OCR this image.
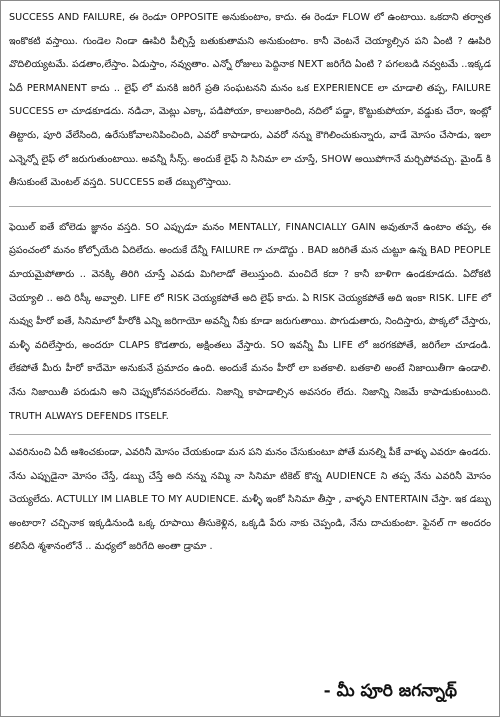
SUCCESS AND FAILURE, ఈ రెండూ OPPOSITE అనుకుంటాం, కాదు. ఈ రెండూ FLOW లో ఉంటాయి. ఒకదాని తర్వాత ఇంకొకటి వస్తాయి. గుండెల నిండా ఊపిరి పీల్చిస్తే బతుకుతామని అనుకుంటాం. కానీ వెంటనే చెయ్యాల్సిన పని ఏంటి ? ఊపిరి వొదిలియ్యటమే. పడతాం,లేస్తాం. ఏడుస్తాం, నవ్వుతాం. ఎన్నో రోజులు పెద్దినాక NEXT జరిగేది ఏంటి ? పగలబడి నవ్వటమే ..ఇక్కడ ఏదీ PERMANENT కాదు .. లైఫ్ లో మనకి జరిగే ప్రతి సంఘటనని మనం ఒక EXPERIENCE లా చూడాలి తప్ప, FAILURE SUCCESS లా చూడకూడదు. నడిచా, మెట్లు ఎక్కా, పడిపోయా, కాలుజారింది, నదిలో పడ్డా, కొట్టుకుపోయా, వడ్డుకు చేరా, ఇంట్లో తిట్టారు, పూరి వేలేసింది, ఉరేసుకోవాలనిపించింది, ఎవరో కాపాడారు, ఎవరో నన్ను కౌగిలించుకున్నారు, వాడే మోసం చేసాడు, ఇలా ఎన్నెన్నో లైఫ్ లో జరుగుతుంటాయి. అవన్నీ సీన్స్. అందుకే లైఫ్ ని సినిమా లా చూస్తే, SHOW అయిపోగానే మర్చిపోవచ్చు. మైండ్ కి తీసుకుంటే మెంటల్ వస్తది. SUCCESS ఐతే దబ్బులొస్తాయి.

ఫెయిల్ ఐతే బోలెడు జ్ఞానం వస్తది. SO ఎప్పుడూ మనం MENTALLY, FINANCIALLY GAIN అవుతూనే ఉంటాం తప్ప, ఈ ప్రపంచంలో మనం కోల్పోయేది ఏదిలేదు. అందుకే దేన్నీ FAILURE గా చూడొద్దు . BAD జరిగితే మన చుట్టూ ఉన్న BAD PEOPLE మాయమైపోతారు .. వెనక్కి తిరిగి చూస్తే ఎవడు మిగిలాడో తెలుస్తుంది. మంచిదే కదా ? కానీ బాళిగా ఉండకూడదు. ఏదోకటి చెయ్యాలి .. అది రిస్కీ అవ్వాలి. LIFE లో RISK చెయ్యకపోతే అది లైఫ్ కాదు. ఏ RISK చెయ్యకపోతే అది ఇంకా RISK. LIFE లో నువ్వు హీరో ఐతే, సినిమాలో హీరోకి ఎన్ని జరిగాయో అవన్నీ నీకు కూడా జరుగుతాయి. పొగుడుతారు, నిందిస్తారు, పొక్కలో చేస్తారు, మళ్ళీ వదిలేస్తారు, అందరూ CLAPS కొడతారు, అక్షింతలు వేస్తారు. SO ఇవన్నీ మీ LIFE లో జరగకపోతే, జరిగేలా చూడండి. లేకపోతే మీరు హీరో కాదేమో అనుకునే ప్రమాదం ఉంది. అందుకే మనం హీరో లా బతకాలి. బతకాలి అంటే నిజాయితీగా ఉండాలి. నేను నిజాయితీ పరుడుని అని చెప్పుకోనవసరంలేదు. నిజాన్ని కాపాడాల్సిన అవసరం లేదు. నిజాన్ని నిజమే కాపాడుకుంటుంది. TRUTH ALWAYS DEFENDS ITSELF.

ఎవరినుంచి ఏదీ ఆశించకుండా, ఎవరినీ మోసం చేయకుండా మన పని మనం చేసుకుంటూ పోతే మనల్ని పీకే వాళ్ళు ఎవరూ ఉండరు. నేను ఎప్పుడైనా మోసం చేస్తే, డబ్బు చేస్తే అది నన్ను నమ్మి నా సినిమా టికెట్ కొన్న AUDIENCE ని తప్ప నేను ఎవరినీ మోసం చెయ్యలేదు. ACTULLY IM LIABLE TO MY AUDIENCE. మళ్ళీ ఇంకో సినిమా తీస్తా , వాళ్ళని ENTERTAIN చేస్తా. ఇక డబ్బు అంటారా? చచ్చినాక ఇక్కడినుండి ఒక్క రూపాయి తీసుకెళ్లిన, ఒక్కడి పేరు నాకు చెప్పండి, నేను దాచుకుంటా. ఫైనల్ గా అందరం కలిసేది శ్మశానంలోనే .. మధ్యలో జరిగేది అంతా డ్రామా .

- మీ పూరి జగన్నాథ్
